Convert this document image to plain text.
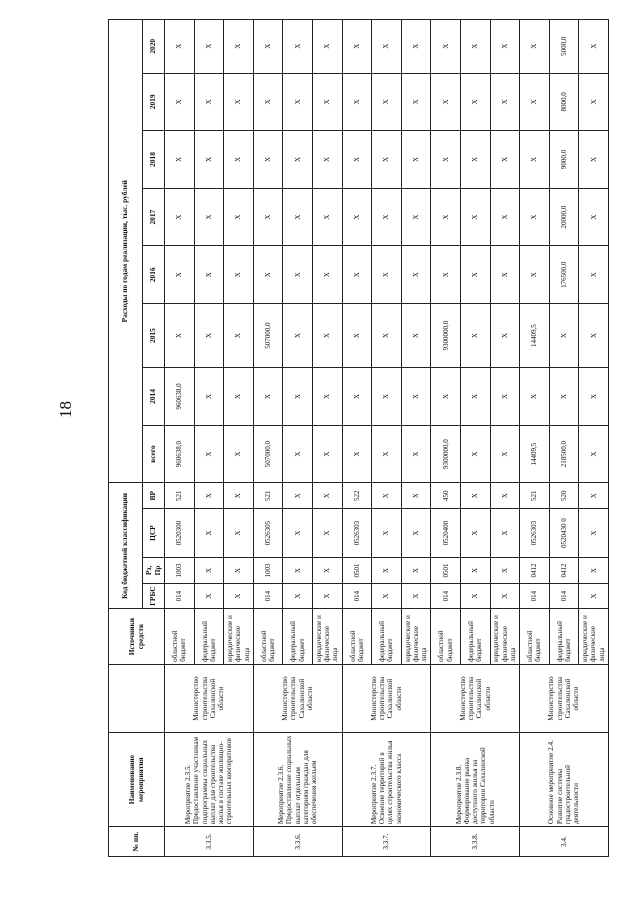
18
№ пп.	Наименование мероприятия		Источники средств	Код бюджетной классификации				Расходы по годам реализации, тыс. рублей							
				ГРБС	Рз, Пр	ЦСР	ВР	всего	2014	2015	2016	2017	2018	2019	2020
3.3.5.	Мероприятие 2.3.5. Предоставление участникам подпрограммы социальных выплат для строительства жилья в составе жилищно-строительных кооперативов	Министерство строительства Сахалинской области	областной бюджет	014	1003	0520300	521	960638,0	960638,0	X	X	X	X	X	X
			федеральный бюджет	X	X	X	X	X	X	X	X	X	X	X	X
			юридические и физические лица	X	X	X	X	X	X	X	X	X	X	X	X
3.3.6.	Мероприятие 2.3.6. Предоставление социальных выплат отдельным категориям граждан для обеспечения жильем	Министерство строительства Сахалинской области	областной бюджет	014	1003	0526305	521	507000,0	X	507000,0	X	X	X	X	X
			федеральный бюджет	X	X	X	X	X	X	X	X	X	X	X	X
			юридические и физические лица	X	X	X	X	X	X	X	X	X	X	X	X
3.3.7.	Мероприятие 2.3.7. Освоение территорий в целях строительства жилья экономического класса	Министерство строительства Сахалинской области	областной бюджет	014	0501	0526303	522	X	X	X	X	X	X	X	X
			федеральный бюджет	X	X	X	X	X	X	X	X	X	X	X	X
			юридические и физические лица	X	X	X	X	X	X	X	X	X	X	X	X
3.3.8.	Мероприятие 2.3.8. Формирование рынка доступного жилья на территории Сахалинской области	Министерство строительства Сахалинской области	областной бюджет	014	0501	0520400	450	9300000,0	X	9300000,0	X	X	X	X	X
			федеральный бюджет	X	X	X	X	X	X	X	X	X	X	X	X
			юридические и физические лица	X	X	X	X	X	X	X	X	X	X	X	X
3.4.	Основное мероприятие 2.4. Развитие системы градостроительной деятельности	Министерство строительства Сахалинской области	областной бюджет	014	0412	0526303	521	14409,5	X	14409,5	X	X	X	X	X
			федеральный бюджет	014	0412	0520430 0	520	218500,0	X	X	176500,0	20000,0	9000,0	8000,0	5000,0
			юридические и физические лица	X	X	X	X	X	X	X	X	X	X	X	X
